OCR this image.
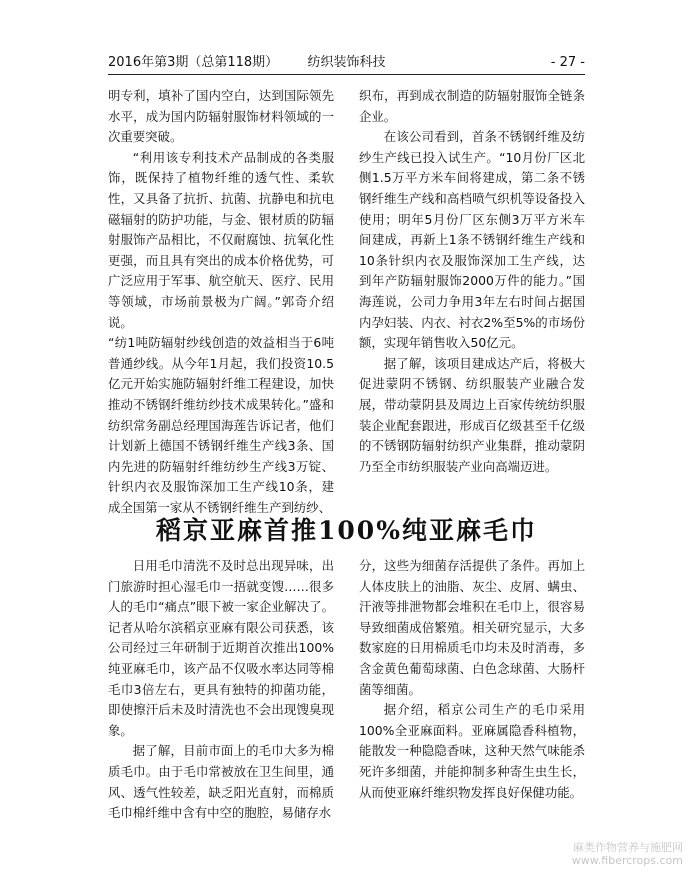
2016年第3期（总第118期） 纺织装饰科技	- 27 -

明专利，填补了国内空白，达到国际领先水平，成为国内防辐射服饰材料领域的一次重要突破。

“利用该专利技术产品制成的各类服饰，既保持了植物纤维的透气性、柔软性，又具备了抗折、抗菌、抗静电和抗电磁辐射的防护功能，与金、银材质的防辐射服饰产品相比，不仅耐腐蚀、抗氧化性更强，而且具有突出的成本价格优势，可广泛应用于军事、航空航天、医疗、民用等领域，市场前景极为广阔。”郭奇介绍说。

“纺1吨防辐射纱线创造的效益相当于6吨普通纱线。从今年1月起，我们投资10.5亿元开始实施防辐射纤维工程建设，加快推动不锈钢纤维纺纱技术成果转化。”盛和纺织常务副总经理国海莲告诉记者，他们计划新上德国不锈钢纤维生产线3条、国内先进的防辐射纤维纺纱生产线3万锭、针织内衣及服饰深加工生产线10条，建成全国第一家从不锈钢纤维生产到纺纱、

织布，再到成衣制造的防辐射服饰全链条企业。

在该公司看到，首条不锈钢纤维及纺纱生产线已投入试生产。“10月份厂区北侧1.5万平方米车间将建成，第二条不锈钢纤维生产线和高档喷气织机等设备投入使用；明年5月份厂区东侧3万平方米车间建成，再新上1条不锈钢纤维生产线和10条针织内衣及服饰深加工生产线，达到年产防辐射服饰2000万件的能力。”国海莲说，公司力争用3年左右时间占据国内孕妇装、内衣、衬衣2%至5%的市场份额，实现年销售收入50亿元。

据了解，该项目建成达产后，将极大促进蒙阴不锈钢、纺织服装产业融合发展，带动蒙阴县及周边上百家传统纺织服装企业配套跟进，形成百亿级甚至千亿级的不锈钢防辐射纺织产业集群，推动蒙阴乃至全市纺织服装产业向高端迈进。

稻京亚麻首推100%纯亚麻毛巾

日用毛巾清洗不及时总出现异味，出门旅游时担心湿毛巾一捂就变馊……很多人的毛巾“痛点”眼下被一家企业解决了。记者从哈尔滨稻京亚麻有限公司获悉，该公司经过三年研制于近期首次推出100%纯亚麻毛巾，该产品不仅吸水率达同等棉毛巾3倍左右，更具有独特的抑菌功能，即使擦汗后未及时清洗也不会出现馊臭现象。

据了解，目前市面上的毛巾大多为棉质毛巾。由于毛巾常被放在卫生间里，通风、透气性较差，缺乏阳光直射，而棉质毛巾棉纤维中含有中空的胞腔，易储存水

分，这些为细菌存活提供了条件。再加上人体皮肤上的油脂、灰尘、皮屑、螨虫、汗液等排泄物都会堆积在毛巾上，很容易导致细菌成倍繁殖。相关研究显示，大多数家庭的日用棉质毛巾均未及时消毒，多含金黄色葡萄球菌、白色念球菌、大肠杆菌等细菌。

据介绍，稻京公司生产的毛巾采用100%全亚麻面料。亚麻属隐香科植物，能散发一种隐隐香味，这种天然气味能杀死许多细菌，并能抑制多种寄生虫生长，从而使亚麻纤维织物发挥良好保健功能。

麻类作物营养与施肥网
www.fibercrops.com
